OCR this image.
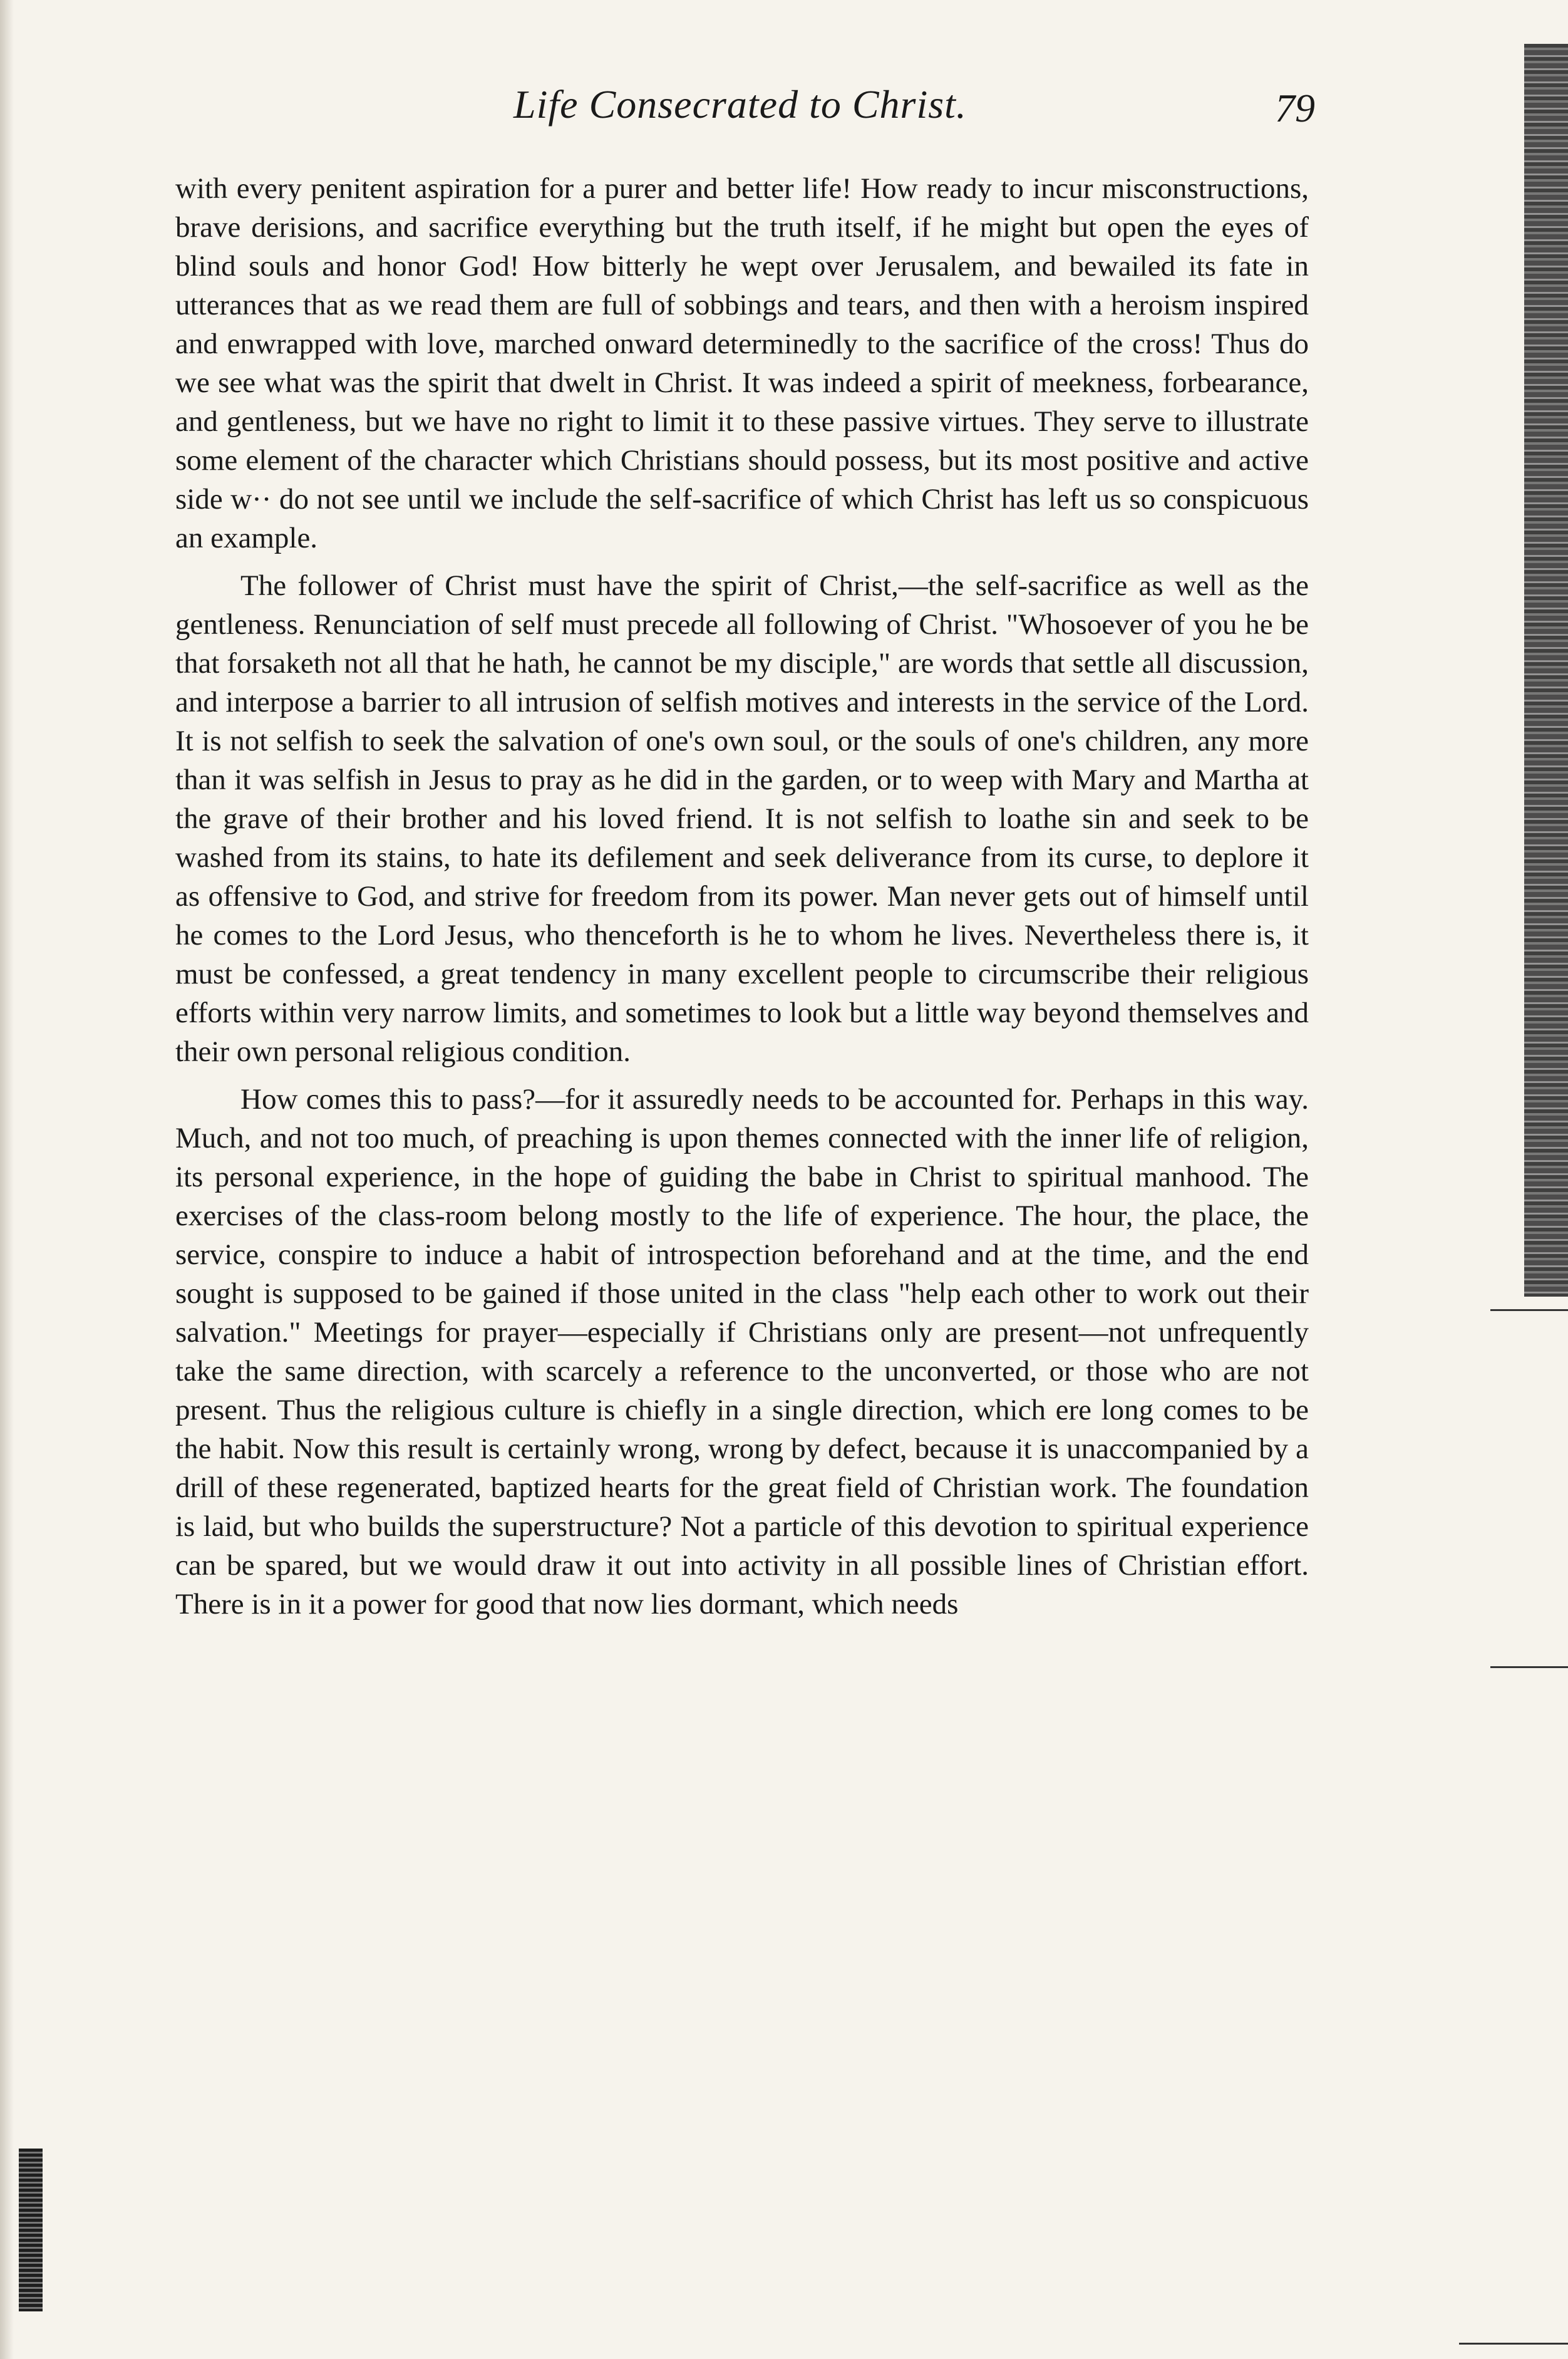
Life Consecrated to Christ.	79

with every penitent aspiration for a purer and better life! How ready to incur misconstructions, brave derisions, and sacrifice everything but the truth itself, if he might but open the eyes of blind souls and honor God! How bitterly he wept over Jerusalem, and bewailed its fate in utterances that as we read them are full of sobbings and tears, and then with a heroism inspired and enwrapped with love, marched onward determinedly to the sacrifice of the cross! Thus do we see what was the spirit that dwelt in Christ. It was indeed a spirit of meekness, forbearance, and gentleness, but we have no right to limit it to these passive virtues. They serve to illustrate some element of the character which Christians should possess, but its most positive and active side w·· do not see until we include the self-sacrifice of which Christ has left us so conspicuous an example.

The follower of Christ must have the spirit of Christ,—the self-sacrifice as well as the gentleness. Renunciation of self must precede all following of Christ. "Whosoever of you he be that forsaketh not all that he hath, he cannot be my disciple," are words that settle all discussion, and interpose a barrier to all intrusion of selfish motives and interests in the service of the Lord. It is not selfish to seek the salvation of one's own soul, or the souls of one's children, any more than it was selfish in Jesus to pray as he did in the garden, or to weep with Mary and Martha at the grave of their brother and his loved friend. It is not selfish to loathe sin and seek to be washed from its stains, to hate its defilement and seek deliverance from its curse, to deplore it as offensive to God, and strive for freedom from its power. Man never gets out of himself until he comes to the Lord Jesus, who thenceforth is he to whom he lives. Nevertheless there is, it must be confessed, a great tendency in many excellent people to circumscribe their religious efforts within very narrow limits, and sometimes to look but a little way beyond themselves and their own personal religious condition.

How comes this to pass?—for it assuredly needs to be accounted for. Perhaps in this way. Much, and not too much, of preaching is upon themes connected with the inner life of religion, its personal experience, in the hope of guiding the babe in Christ to spiritual manhood. The exercises of the class-room belong mostly to the life of experience. The hour, the place, the service, conspire to induce a habit of introspection beforehand and at the time, and the end sought is supposed to be gained if those united in the class "help each other to work out their salvation." Meetings for prayer—especially if Christians only are present—not unfrequently take the same direction, with scarcely a reference to the unconverted, or those who are not present. Thus the religious culture is chiefly in a single direction, which ere long comes to be the habit. Now this result is certainly wrong, wrong by defect, because it is unaccompanied by a drill of these regenerated, baptized hearts for the great field of Christian work. The foundation is laid, but who builds the superstructure? Not a particle of this devotion to spiritual experience can be spared, but we would draw it out into activity in all possible lines of Christian effort. There is in it a power for good that now lies dormant, which needs
